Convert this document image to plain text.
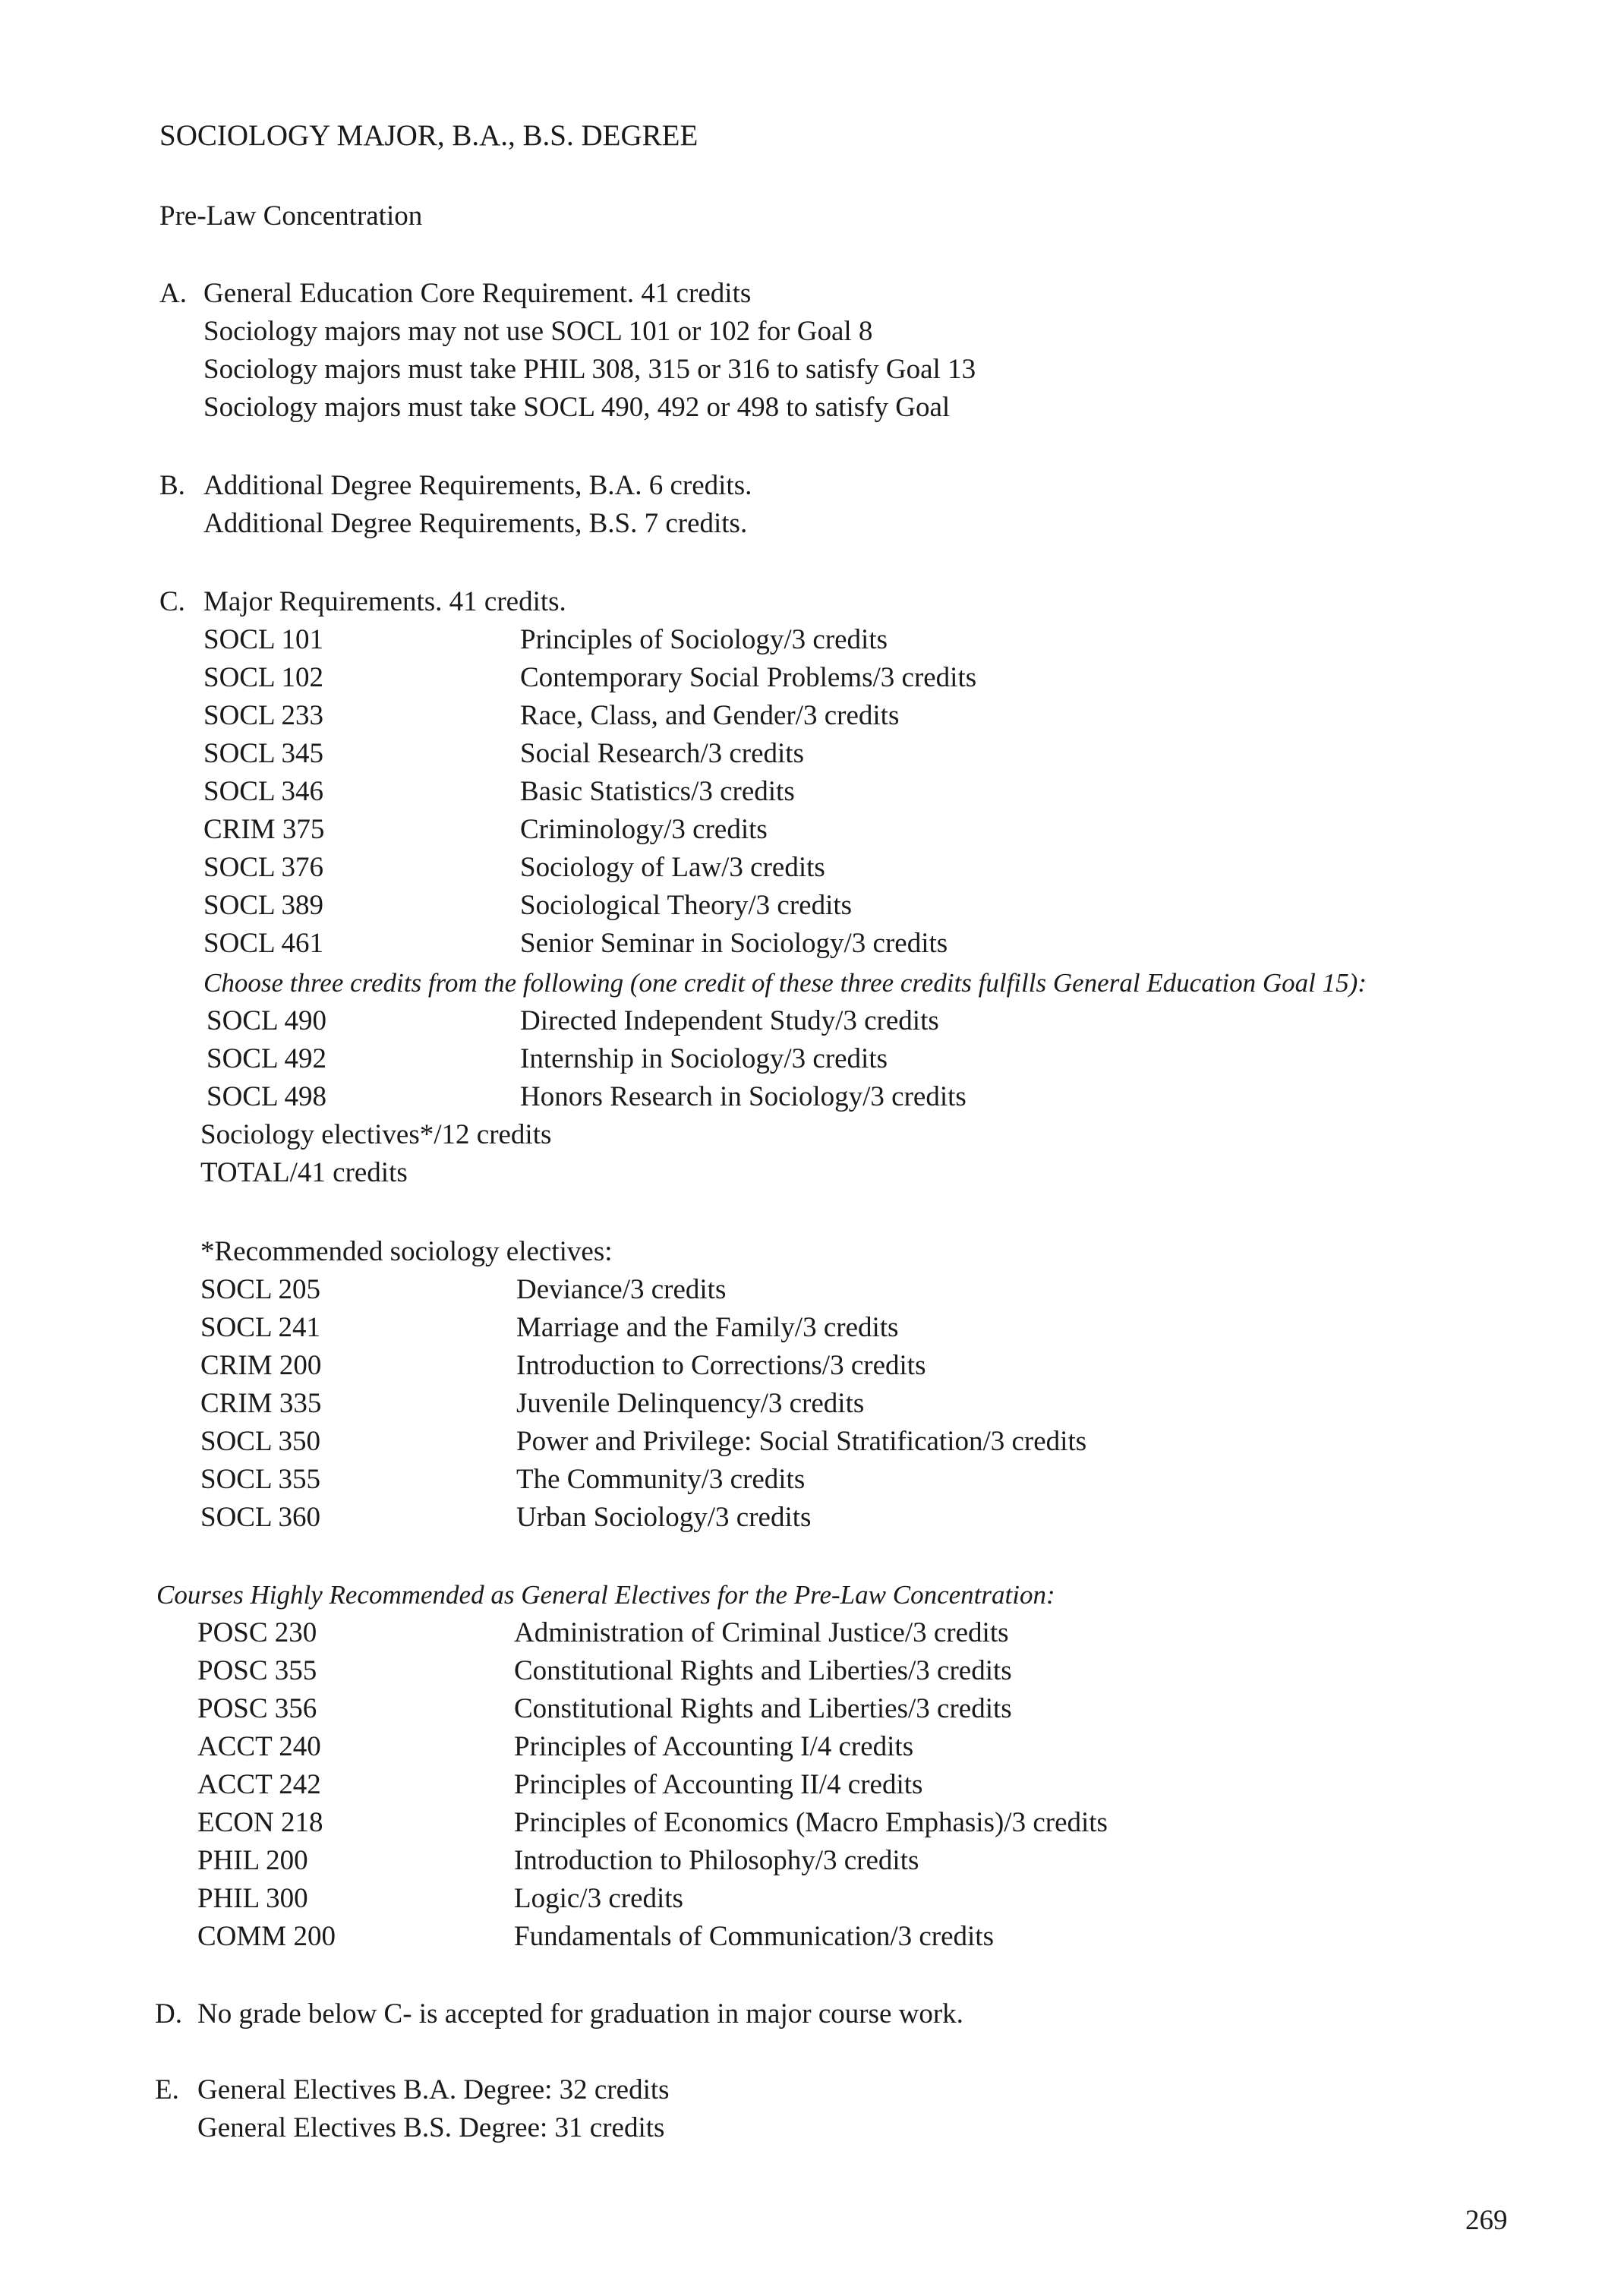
SOCIOLOGY MAJOR, B.A., B.S. DEGREE
Pre-Law Concentration
A. General Education Core Requirement. 41 credits
Sociology majors may not use SOCL 101 or 102 for Goal 8
Sociology majors must take PHIL 308, 315 or 316 to satisfy Goal 13
Sociology majors must take SOCL 490, 492 or 498 to satisfy Goal
B. Additional Degree Requirements, B.A. 6 credits.
Additional Degree Requirements, B.S. 7 credits.
C. Major Requirements. 41 credits.
SOCL 101	Principles of Sociology/3 credits
SOCL 102	Contemporary Social Problems/3 credits
SOCL 233	Race, Class, and Gender/3 credits
SOCL 345	Social Research/3 credits
SOCL 346	Basic Statistics/3 credits
CRIM 375	Criminology/3 credits
SOCL 376	Sociology of Law/3 credits
SOCL 389	Sociological Theory/3 credits
SOCL 461	Senior Seminar in Sociology/3 credits
Choose three credits from the following (one credit of these three credits fulfills General Education Goal 15):
SOCL 490	Directed Independent Study/3 credits
SOCL 492	Internship in Sociology/3 credits
SOCL 498	Honors Research in Sociology/3 credits
Sociology electives*/12 credits
TOTAL/41 credits
*Recommended sociology electives:
SOCL 205	Deviance/3 credits
SOCL 241	Marriage and the Family/3 credits
CRIM 200	Introduction to Corrections/3 credits
CRIM 335	Juvenile Delinquency/3 credits
SOCL 350	Power and Privilege: Social Stratification/3 credits
SOCL 355	The Community/3 credits
SOCL 360	Urban Sociology/3 credits
Courses Highly Recommended as General Electives for the Pre-Law Concentration:
POSC 230	Administration of Criminal Justice/3 credits
POSC 355	Constitutional Rights and Liberties/3 credits
POSC 356	Constitutional Rights and Liberties/3 credits
ACCT 240	Principles of Accounting I/4 credits
ACCT 242	Principles of Accounting II/4 credits
ECON 218	Principles of Economics (Macro Emphasis)/3 credits
PHIL 200	Introduction to Philosophy/3 credits
PHIL 300	Logic/3 credits
COMM 200	Fundamentals of Communication/3 credits
D. No grade below C- is accepted for graduation in major course work.
E. General Electives B.A. Degree: 32 credits
General Electives B.S. Degree: 31 credits
269
